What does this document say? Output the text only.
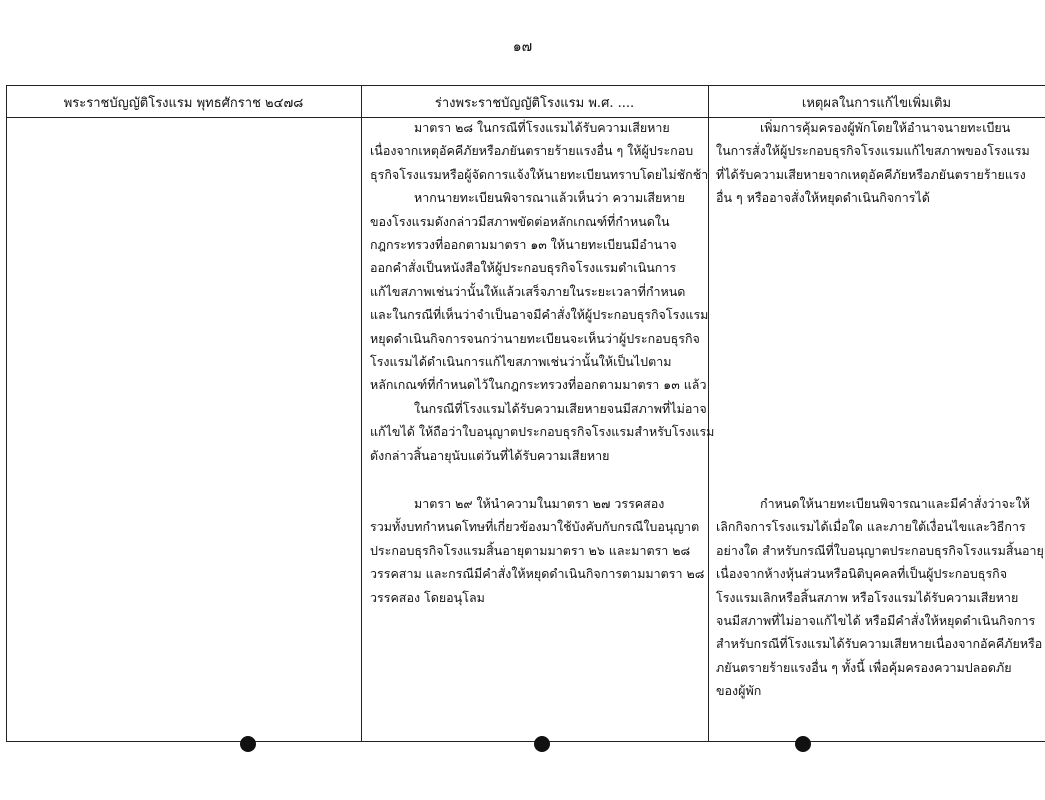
๑๗
พระราชบัญญัติโรงแรม พุทธศักราช ๒๔๗๘	ร่างพระราชบัญญัติโรงแรม พ.ศ. ....	เหตุผลในการแก้ไขเพิ่มเติม
มาตรา ๒๘ ในกรณีที่โรงแรมได้รับความเสียหาย
เนื่องจากเหตุอัคคีภัยหรือภยันตรายร้ายแรงอื่น ๆ ให้ผู้ประกอบ
ธุรกิจโรงแรมหรือผู้จัดการแจ้งให้นายทะเบียนทราบโดยไม่ชักช้า
หากนายทะเบียนพิจารณาแล้วเห็นว่า ความเสียหาย
ของโรงแรมดังกล่าวมีสภาพขัดต่อหลักเกณฑ์ที่กำหนดใน
กฎกระทรวงที่ออกตามมาตรา ๑๓ ให้นายทะเบียนมีอำนาจ
ออกคำสั่งเป็นหนังสือให้ผู้ประกอบธุรกิจโรงแรมดำเนินการ
แก้ไขสภาพเช่นว่านั้นให้แล้วเสร็จภายในระยะเวลาที่กำหนด
และในกรณีที่เห็นว่าจำเป็นอาจมีคำสั่งให้ผู้ประกอบธุรกิจโรงแรม
หยุดดำเนินกิจการจนกว่านายทะเบียนจะเห็นว่าผู้ประกอบธุรกิจ
โรงแรมได้ดำเนินการแก้ไขสภาพเช่นว่านั้นให้เป็นไปตาม
หลักเกณฑ์ที่กำหนดไว้ในกฎกระทรวงที่ออกตามมาตรา ๑๓ แล้ว
ในกรณีที่โรงแรมได้รับความเสียหายจนมีสภาพที่ไม่อาจ
แก้ไขได้ ให้ถือว่าใบอนุญาตประกอบธุรกิจโรงแรมสำหรับโรงแรม
ดังกล่าวสิ้นอายุนับแต่วันที่ได้รับความเสียหาย
มาตรา ๒๙ ให้นำความในมาตรา ๒๗ วรรคสอง
รวมทั้งบทกำหนดโทษที่เกี่ยวข้องมาใช้บังคับกับกรณีใบอนุญาต
ประกอบธุรกิจโรงแรมสิ้นอายุตามมาตรา ๒๖ และมาตรา ๒๘
วรรคสาม และกรณีมีคำสั่งให้หยุดดำเนินกิจการตามมาตรา ๒๘
วรรคสอง โดยอนุโลม
เพิ่มการคุ้มครองผู้พักโดยให้อำนาจนายทะเบียน
ในการสั่งให้ผู้ประกอบธุรกิจโรงแรมแก้ไขสภาพของโรงแรม
ที่ได้รับความเสียหายจากเหตุอัคคีภัยหรือภยันตรายร้ายแรง
อื่น ๆ หรืออาจสั่งให้หยุดดำเนินกิจการได้
กำหนดให้นายทะเบียนพิจารณาและมีคำสั่งว่าจะให้
เลิกกิจการโรงแรมได้เมื่อใด และภายใต้เงื่อนไขและวิธีการ
อย่างใด สำหรับกรณีที่ใบอนุญาตประกอบธุรกิจโรงแรมสิ้นอายุ
เนื่องจากห้างหุ้นส่วนหรือนิติบุคคลที่เป็นผู้ประกอบธุรกิจ
โรงแรมเลิกหรือสิ้นสภาพ หรือโรงแรมได้รับความเสียหาย
จนมีสภาพที่ไม่อาจแก้ไขได้ หรือมีคำสั่งให้หยุดดำเนินกิจการ
สำหรับกรณีที่โรงแรมได้รับความเสียหายเนื่องจากอัคคีภัยหรือ
ภยันตรายร้ายแรงอื่น ๆ ทั้งนี้ เพื่อคุ้มครองความปลอดภัย
ของผู้พัก
